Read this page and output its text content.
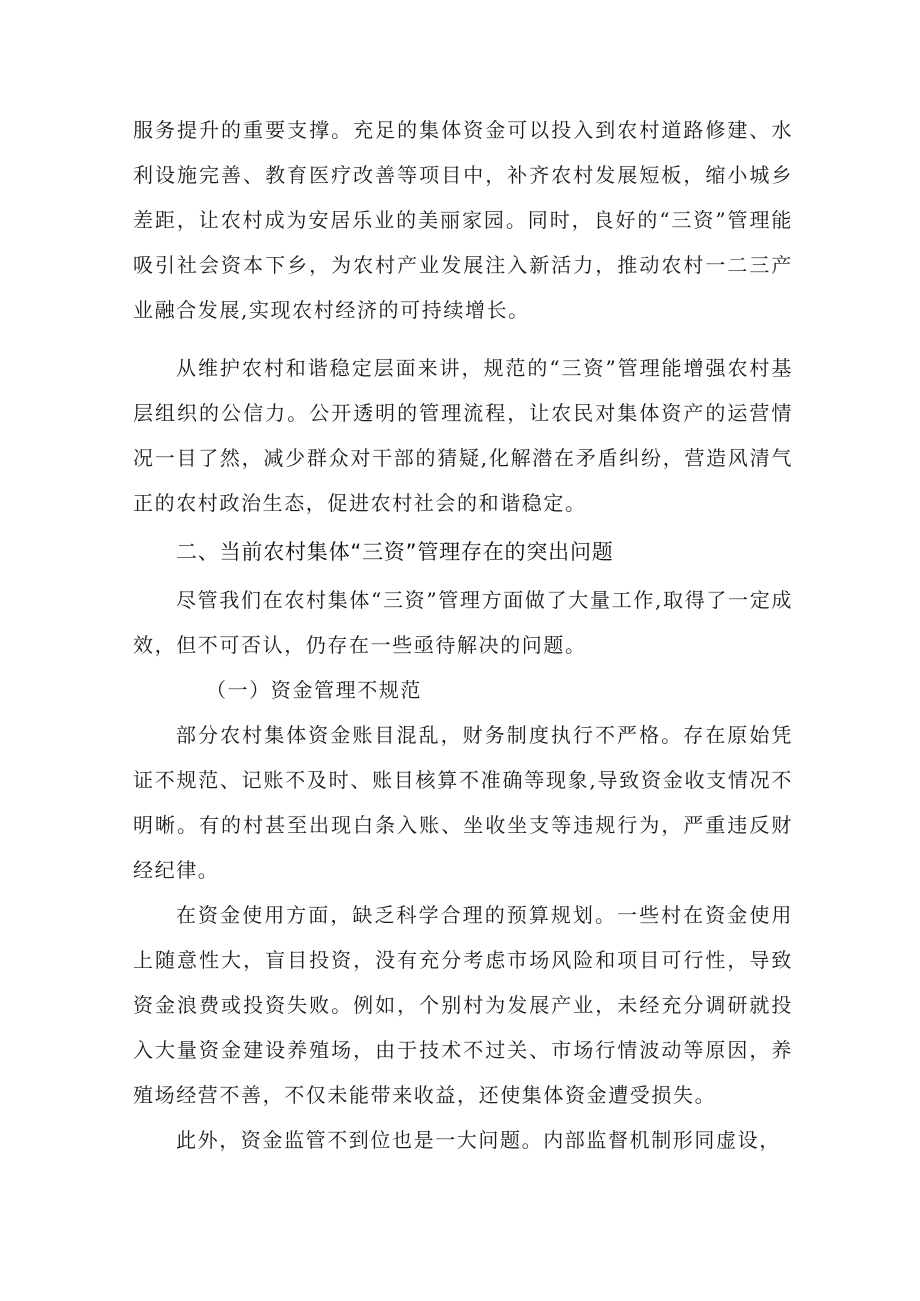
服务提升的重要支撑。充足的集体资金可以投入到农村道路修建、水利设施完善、教育医疗改善等项目中，补齐农村发展短板，缩小城乡差距，让农村成为安居乐业的美丽家园。同时，良好的“三资”管理能吸引社会资本下乡，为农村产业发展注入新活力，推动农村一二三产业融合发展,实现农村经济的可持续增长。

从维护农村和谐稳定层面来讲，规范的“三资”管理能增强农村基层组织的公信力。公开透明的管理流程，让农民对集体资产的运营情况一目了然，减少群众对干部的猜疑,化解潜在矛盾纠纷，营造风清气正的农村政治生态，促进农村社会的和谐稳定。

二、当前农村集体“三资”管理存在的突出问题

尽管我们在农村集体“三资”管理方面做了大量工作,取得了一定成效，但不可否认，仍存在一些亟待解决的问题。

（一）资金管理不规范

部分农村集体资金账目混乱，财务制度执行不严格。存在原始凭证不规范、记账不及时、账目核算不准确等现象,导致资金收支情况不明晰。有的村甚至出现白条入账、坐收坐支等违规行为，严重违反财经纪律。

在资金使用方面，缺乏科学合理的预算规划。一些村在资金使用上随意性大，盲目投资，没有充分考虑市场风险和项目可行性，导致资金浪费或投资失败。例如，个别村为发展产业，未经充分调研就投入大量资金建设养殖场，由于技术不过关、市场行情波动等原因，养殖场经营不善，不仅未能带来收益，还使集体资金遭受损失。

此外，资金监管不到位也是一大问题。内部监督机制形同虚设，
